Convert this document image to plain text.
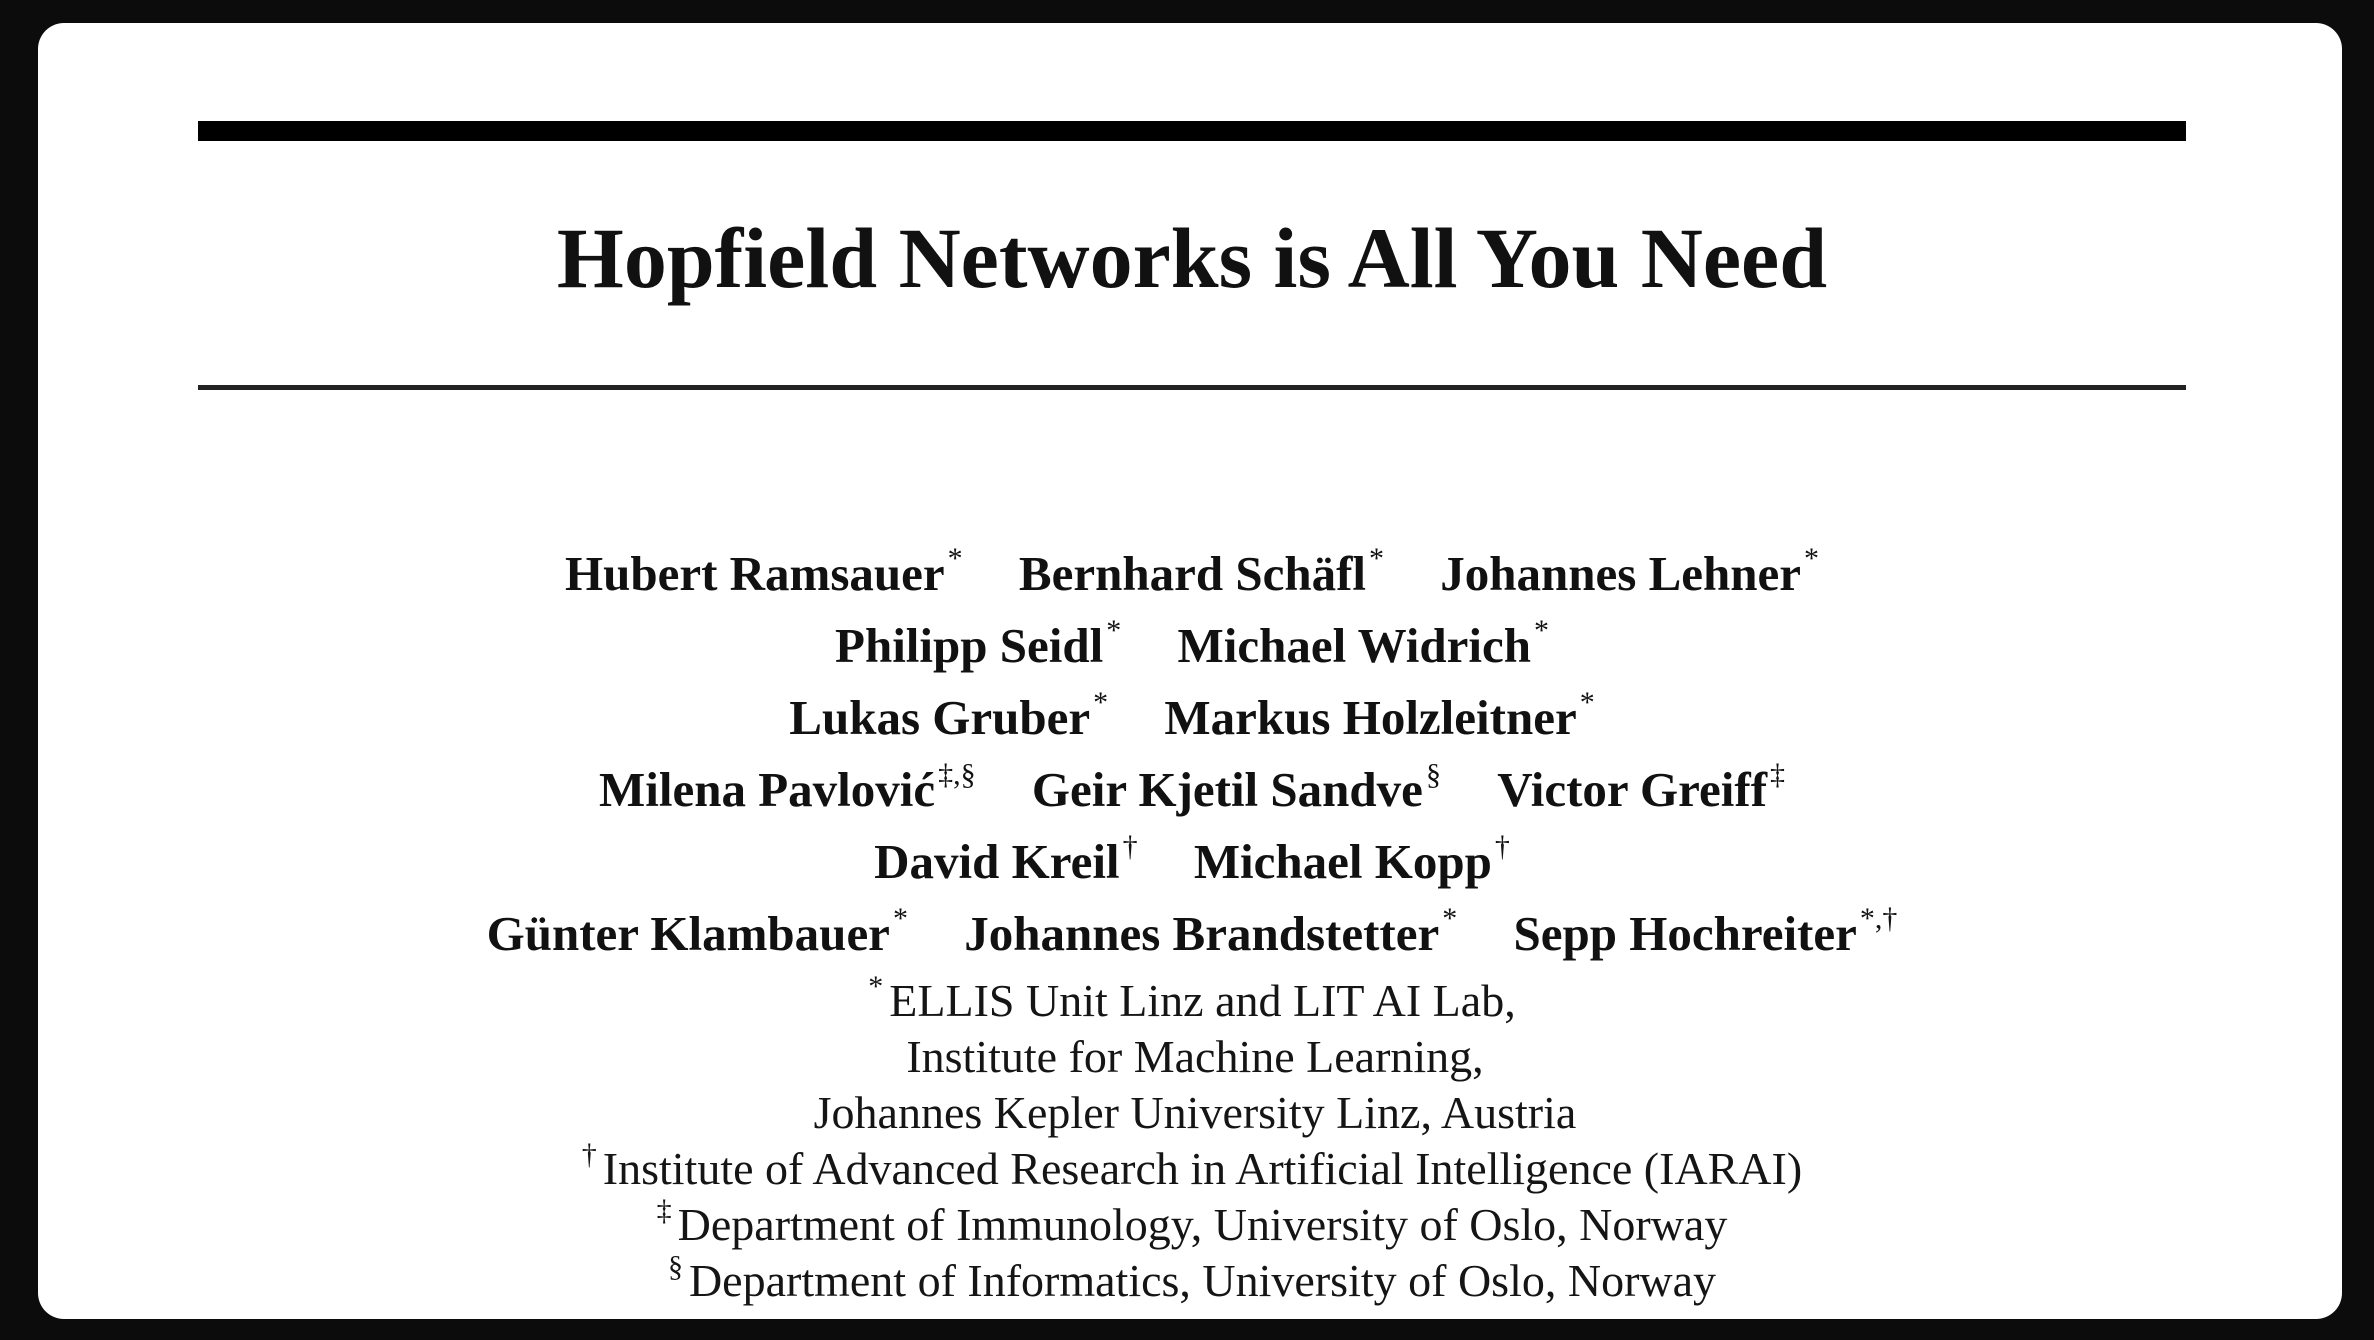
Hopfield Networks is All You Need
Hubert Ramsauer * Bernhard Schäfl * Johannes Lehner *
Philipp Seidl * Michael Widrich *
Lukas Gruber * Markus Holzleitner *
Milena Pavlović ‡,§ Geir Kjetil Sandve § Victor Greiff ‡
David Kreil † Michael Kopp †
Günter Klambauer * Johannes Brandstetter * Sepp Hochreiter *,†
* ELLIS Unit Linz and LIT AI Lab,
Institute for Machine Learning,
Johannes Kepler University Linz, Austria
† Institute of Advanced Research in Artificial Intelligence (IARAI)
‡ Department of Immunology, University of Oslo, Norway
§ Department of Informatics, University of Oslo, Norway
